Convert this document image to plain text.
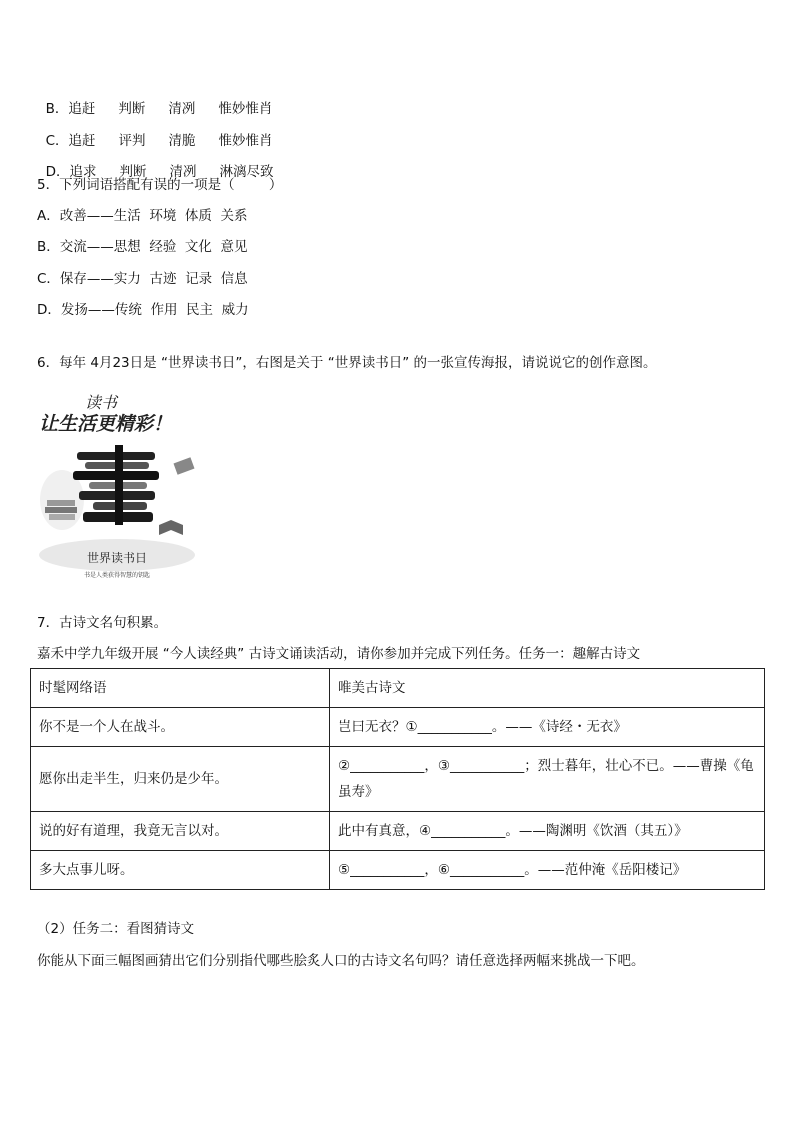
B．追赶 判断 清冽 惟妙惟肖

C．追赶 评判 清脆 惟妙惟肖

D．追求 判断 清冽 淋漓尽致

5．下列词语搭配有误的一项是（        ）
A．改善——生活  环境  体质  关系
B．交流——思想  经验  文化  意见
C．保存——实力  古迹  记录  信息
D．发扬——传统  作用  民主  威力
6．每年 4月23日是 “世界读书日”，右图是关于 “世界读书日” 的一张宣传海报，请说说它的创作意图。
读书
让生活更精彩！
世界读书日
书是人类获得智慧的钥匙
7．古诗文名句积累。
嘉禾中学九年级开展 “今人读经典” 古诗文诵读活动，请你参加并完成下列任务。任务一：趣解古诗文
时髦网络语	唯美古诗文
你不是一个人在战斗。	岂曰无衣？①___________。——《诗经・无衣》
愿你出走半生，归来仍是少年。	②___________，③___________；烈士暮年，壮心不已。——曹操《龟虽寿》
说的好有道理，我竟无言以对。	此中有真意，④___________。——陶渊明《饮酒（其五）》
多大点事儿呀。	⑤___________，⑥___________。——范仲淹《岳阳楼记》
（2）任务二：看图猜诗文
你能从下面三幅图画猜出它们分别指代哪些脍炙人口的古诗文名句吗？请任意选择两幅来挑战一下吧。
